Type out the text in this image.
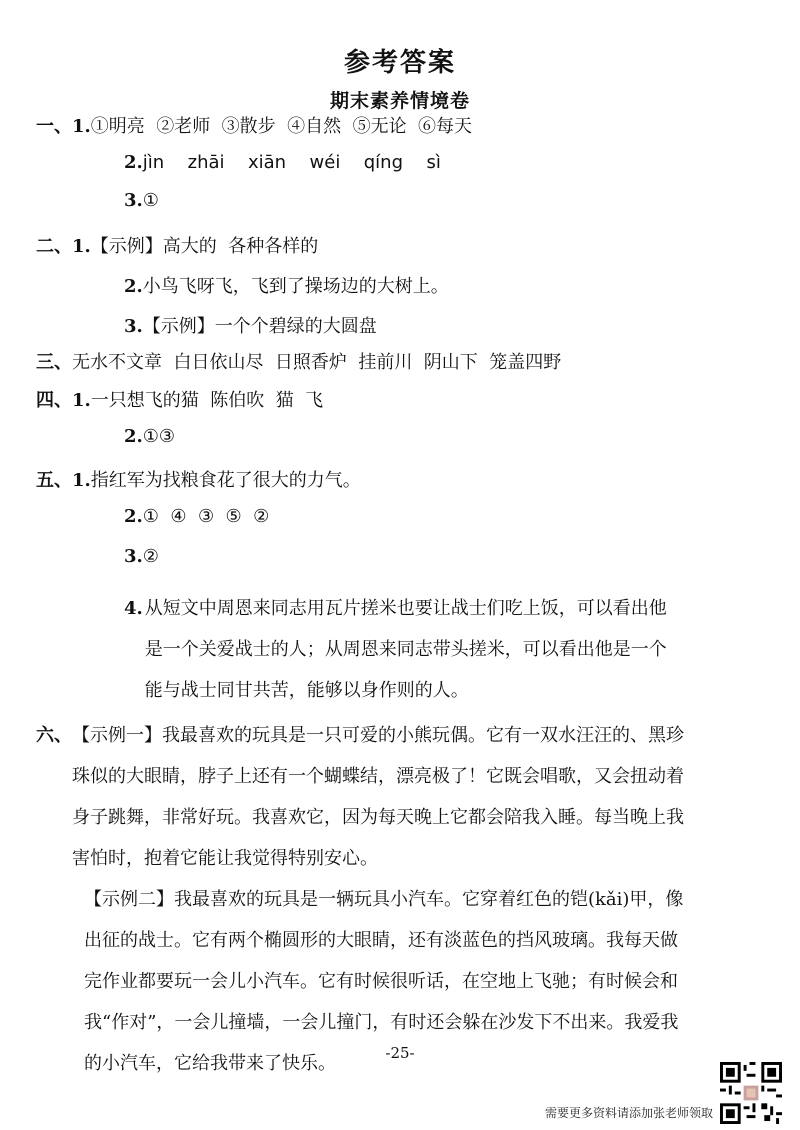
参考答案
期末素养情境卷
一、 1. ①明亮  ②老师  ③散步  ④自然  ⑤无论  ⑥每天
2. jìn  zhāi  xiān  wéi  qíng  sì
3. ①
二、 1. 【示例】高大的  各种各样的
2. 小鸟飞呀飞，飞到了操场边的大树上。
3. 【示例】一个个碧绿的大圆盘
三、 无水不文章  白日依山尽  日照香炉  挂前川  阴山下  笼盖四野
四、 1. 一只想飞的猫  陈伯吹  猫  飞
2. ①③
五、 1. 指红军为找粮食花了很大的力气。
2. ①  ④  ③  ⑤  ②
3. ②
4. 从短文中周恩来同志用瓦片搓米也要让战士们吃上饭，可以看出他是一个关爱战士的人；从周恩来同志带头搓米，可以看出他是一个能与战士同甘共苦，能够以身作则的人。
六、 【示例一】我最喜欢的玩具是一只可爱的小熊玩偶。它有一双水汪汪的、黑珍珠似的大眼睛，脖子上还有一个蝴蝶结，漂亮极了！它既会唱歌，又会扭动着身子跳舞，非常好玩。我喜欢它，因为每天晚上它都会陪我入睡。每当晚上我害怕时，抱着它能让我觉得特别安心。
【示例二】我最喜欢的玩具是一辆玩具小汽车。它穿着红色的铠(kǎi)甲，像出征的战士。它有两个椭圆形的大眼睛，还有淡蓝色的挡风玻璃。我每天做完作业都要玩一会儿小汽车。它有时候很听话，在空地上飞驰；有时候会和我“作对”，一会儿撞墙，一会儿撞门，有时还会躲在沙发下不出来。我爱我的小汽车，它给我带来了快乐。	-25-
需要更多资料请添加张老师领取
